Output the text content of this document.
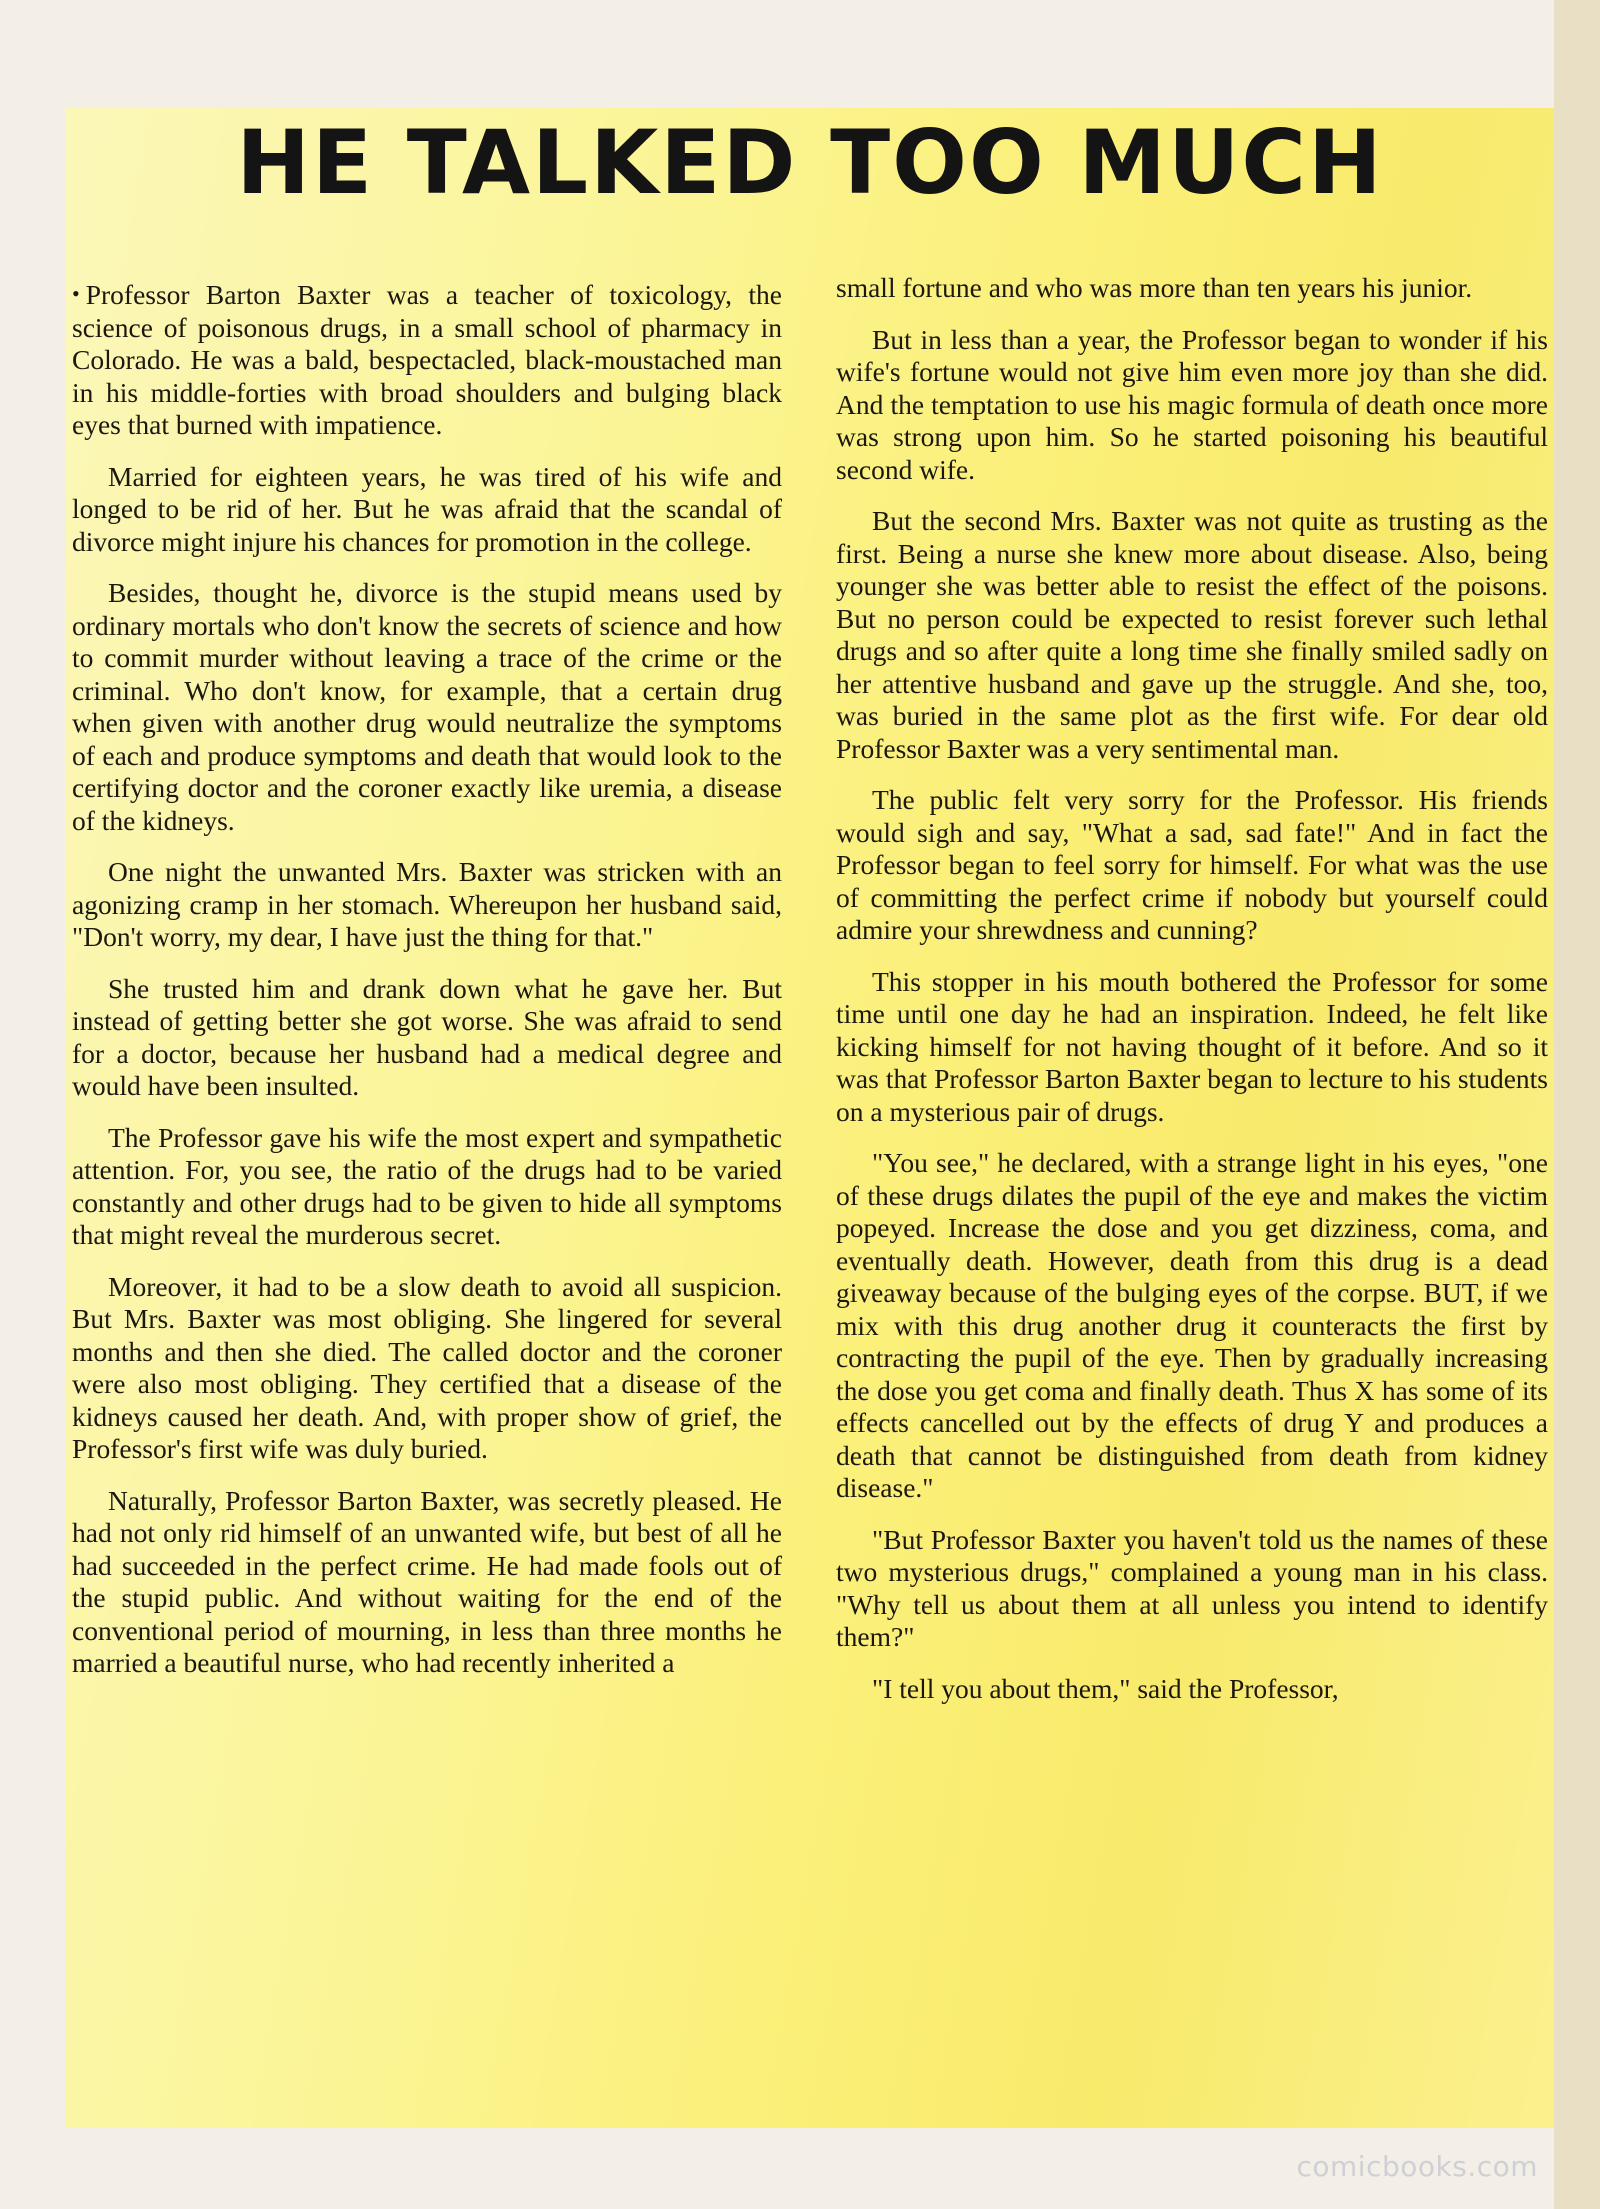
HE TALKED TOO MUCH

• Professor Barton Baxter was a teacher of toxicology, the science of poisonous drugs, in a small school of pharmacy in Colorado. He was a bald, bespectacled, black-moustached man in his middle-forties with broad shoulders and bulging black eyes that burned with impatience.

Married for eighteen years, he was tired of his wife and longed to be rid of her. But he was afraid that the scandal of divorce might injure his chances for promotion in the college.

Besides, thought he, divorce is the stupid means used by ordinary mortals who don't know the secrets of science and how to commit murder without leaving a trace of the crime or the criminal. Who don't know, for example, that a certain drug when given with another drug would neutralize the symptoms of each and produce symptoms and death that would look to the certifying doctor and the coroner exactly like uremia, a disease of the kidneys.

One night the unwanted Mrs. Baxter was stricken with an agonizing cramp in her stomach. Whereupon her husband said, "Don't worry, my dear, I have just the thing for that."

She trusted him and drank down what he gave her. But instead of getting better she got worse. She was afraid to send for a doctor, because her husband had a medical degree and would have been insulted.

The Professor gave his wife the most expert and sympathetic attention. For, you see, the ratio of the drugs had to be varied constantly and other drugs had to be given to hide all symptoms that might reveal the murderous secret.

Moreover, it had to be a slow death to avoid all suspicion. But Mrs. Baxter was most obliging. She lingered for several months and then she died. The called doctor and the coroner were also most obliging. They certified that a disease of the kidneys caused her death. And, with proper show of grief, the Professor's first wife was duly buried.

Naturally, Professor Barton Baxter, was secretly pleased. He had not only rid himself of an unwanted wife, but best of all he had succeeded in the perfect crime. He had made fools out of the stupid public. And without waiting for the end of the conventional period of mourning, in less than three months he married a beautiful nurse, who had recently inherited a

small fortune and who was more than ten years his junior.

But in less than a year, the Professor began to wonder if his wife's fortune would not give him even more joy than she did. And the temptation to use his magic formula of death once more was strong upon him. So he started poisoning his beautiful second wife.

But the second Mrs. Baxter was not quite as trusting as the first. Being a nurse she knew more about disease. Also, being younger she was better able to resist the effect of the poisons. But no person could be expected to resist forever such lethal drugs and so after quite a long time she finally smiled sadly on her attentive husband and gave up the struggle. And she, too, was buried in the same plot as the first wife. For dear old Professor Baxter was a very sentimental man.

The public felt very sorry for the Professor. His friends would sigh and say, "What a sad, sad fate!" And in fact the Professor began to feel sorry for himself. For what was the use of committing the perfect crime if nobody but yourself could admire your shrewdness and cunning?

This stopper in his mouth bothered the Professor for some time until one day he had an inspiration. Indeed, he felt like kicking himself for not having thought of it before. And so it was that Professor Barton Baxter began to lecture to his students on a mysterious pair of drugs.

"You see," he declared, with a strange light in his eyes, "one of these drugs dilates the pupil of the eye and makes the victim popeyed. Increase the dose and you get dizziness, coma, and eventually death. However, death from this drug is a dead giveaway because of the bulging eyes of the corpse. BUT, if we mix with this drug another drug it counteracts the first by contracting the pupil of the eye. Then by gradually increasing the dose you get coma and finally death. Thus X has some of its effects cancelled out by the effects of drug Y and produces a death that cannot be distinguished from death from kidney disease."

"But Professor Baxter you haven't told us the names of these two mysterious drugs," complained a young man in his class. "Why tell us about them at all unless you intend to identify them?"

"I tell you about them," said the Professor,

comicbooks.com
